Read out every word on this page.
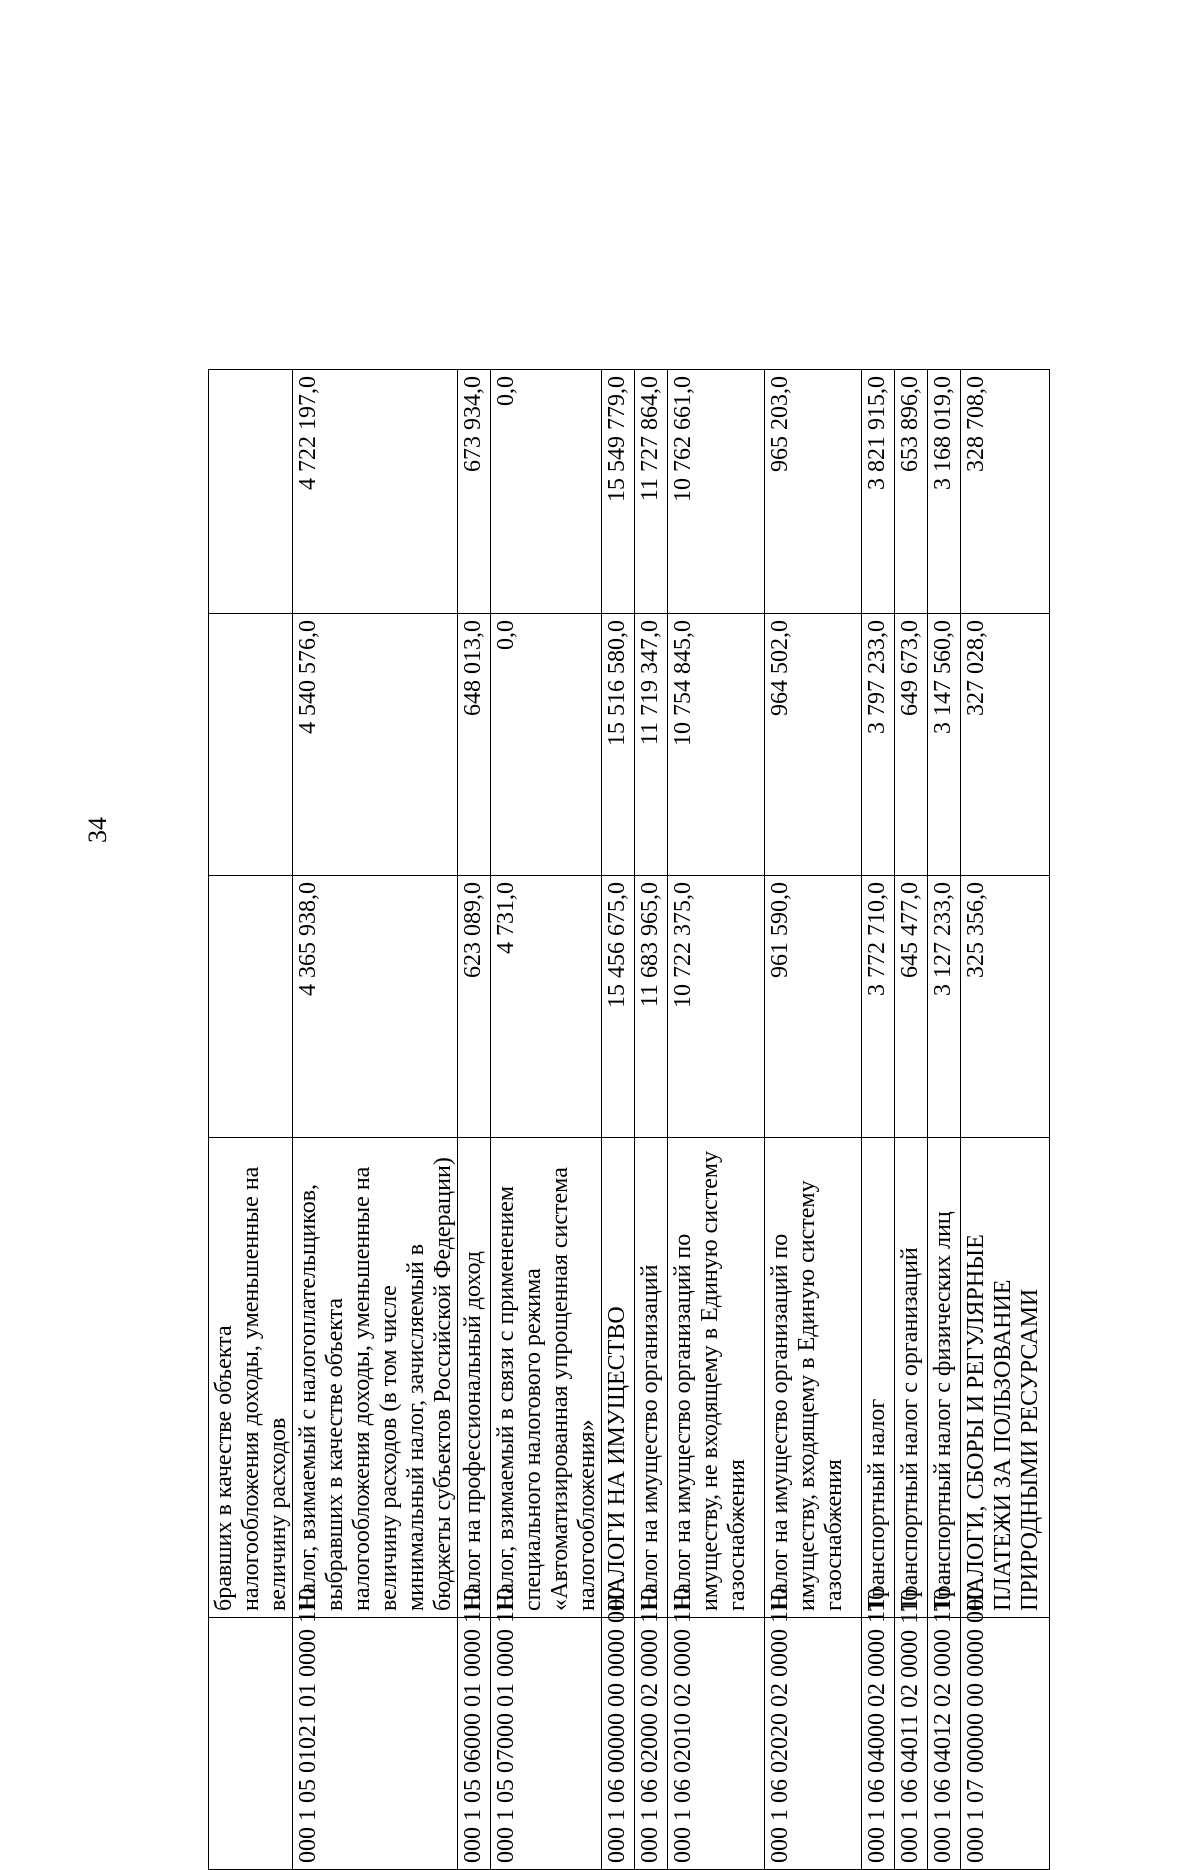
34
	бравших в качестве объекта налогообложения доходы, уменьшенные на величину расходов			
000 1 05 01021 01 0000 110	Налог, взимаемый с налогоплательщиков, выбравших в качестве объекта налогообложения доходы, уменьшенные на величину расходов (в том числе минимальный налог, зачисляемый в бюджеты субъектов Российской Федерации)	4 365 938,0	4 540 576,0	4 722 197,0
000 1 05 06000 01 0000 110	Налог на профессиональный доход	623 089,0	648 013,0	673 934,0
000 1 05 07000 01 0000 110	Налог, взимаемый в связи с применением специального налогового режима «Автоматизированная упрощенная система налогообложения»	4 731,0	0,0	0,0
000 1 06 00000 00 0000 000	НАЛОГИ НА ИМУЩЕСТВО	15 456 675,0	15 516 580,0	15 549 779,0
000 1 06 02000 02 0000 110	Налог на имущество организаций	11 683 965,0	11 719 347,0	11 727 864,0
000 1 06 02010 02 0000 110	Налог на имущество организаций по имуществу, не входящему в Единую систему газоснабжения	10 722 375,0	10 754 845,0	10 762 661,0
000 1 06 02020 02 0000 110	Налог на имущество организаций по имуществу, входящему в Единую систему газоснабжения	961 590,0	964 502,0	965 203,0
000 1 06 04000 02 0000 110	Транспортный налог	3 772 710,0	3 797 233,0	3 821 915,0
000 1 06 04011 02 0000 110	Транспортный налог с организаций	645 477,0	649 673,0	653 896,0
000 1 06 04012 02 0000 110	Транспортный налог с физических лиц	3 127 233,0	3 147 560,0	3 168 019,0
000 1 07 00000 00 0000 000	НАЛОГИ, СБОРЫ И РЕГУЛЯРНЫЕ ПЛАТЕЖИ ЗА ПОЛЬЗОВАНИЕ ПРИРОДНЫМИ РЕСУРСАМИ	325 356,0	327 028,0	328 708,0
